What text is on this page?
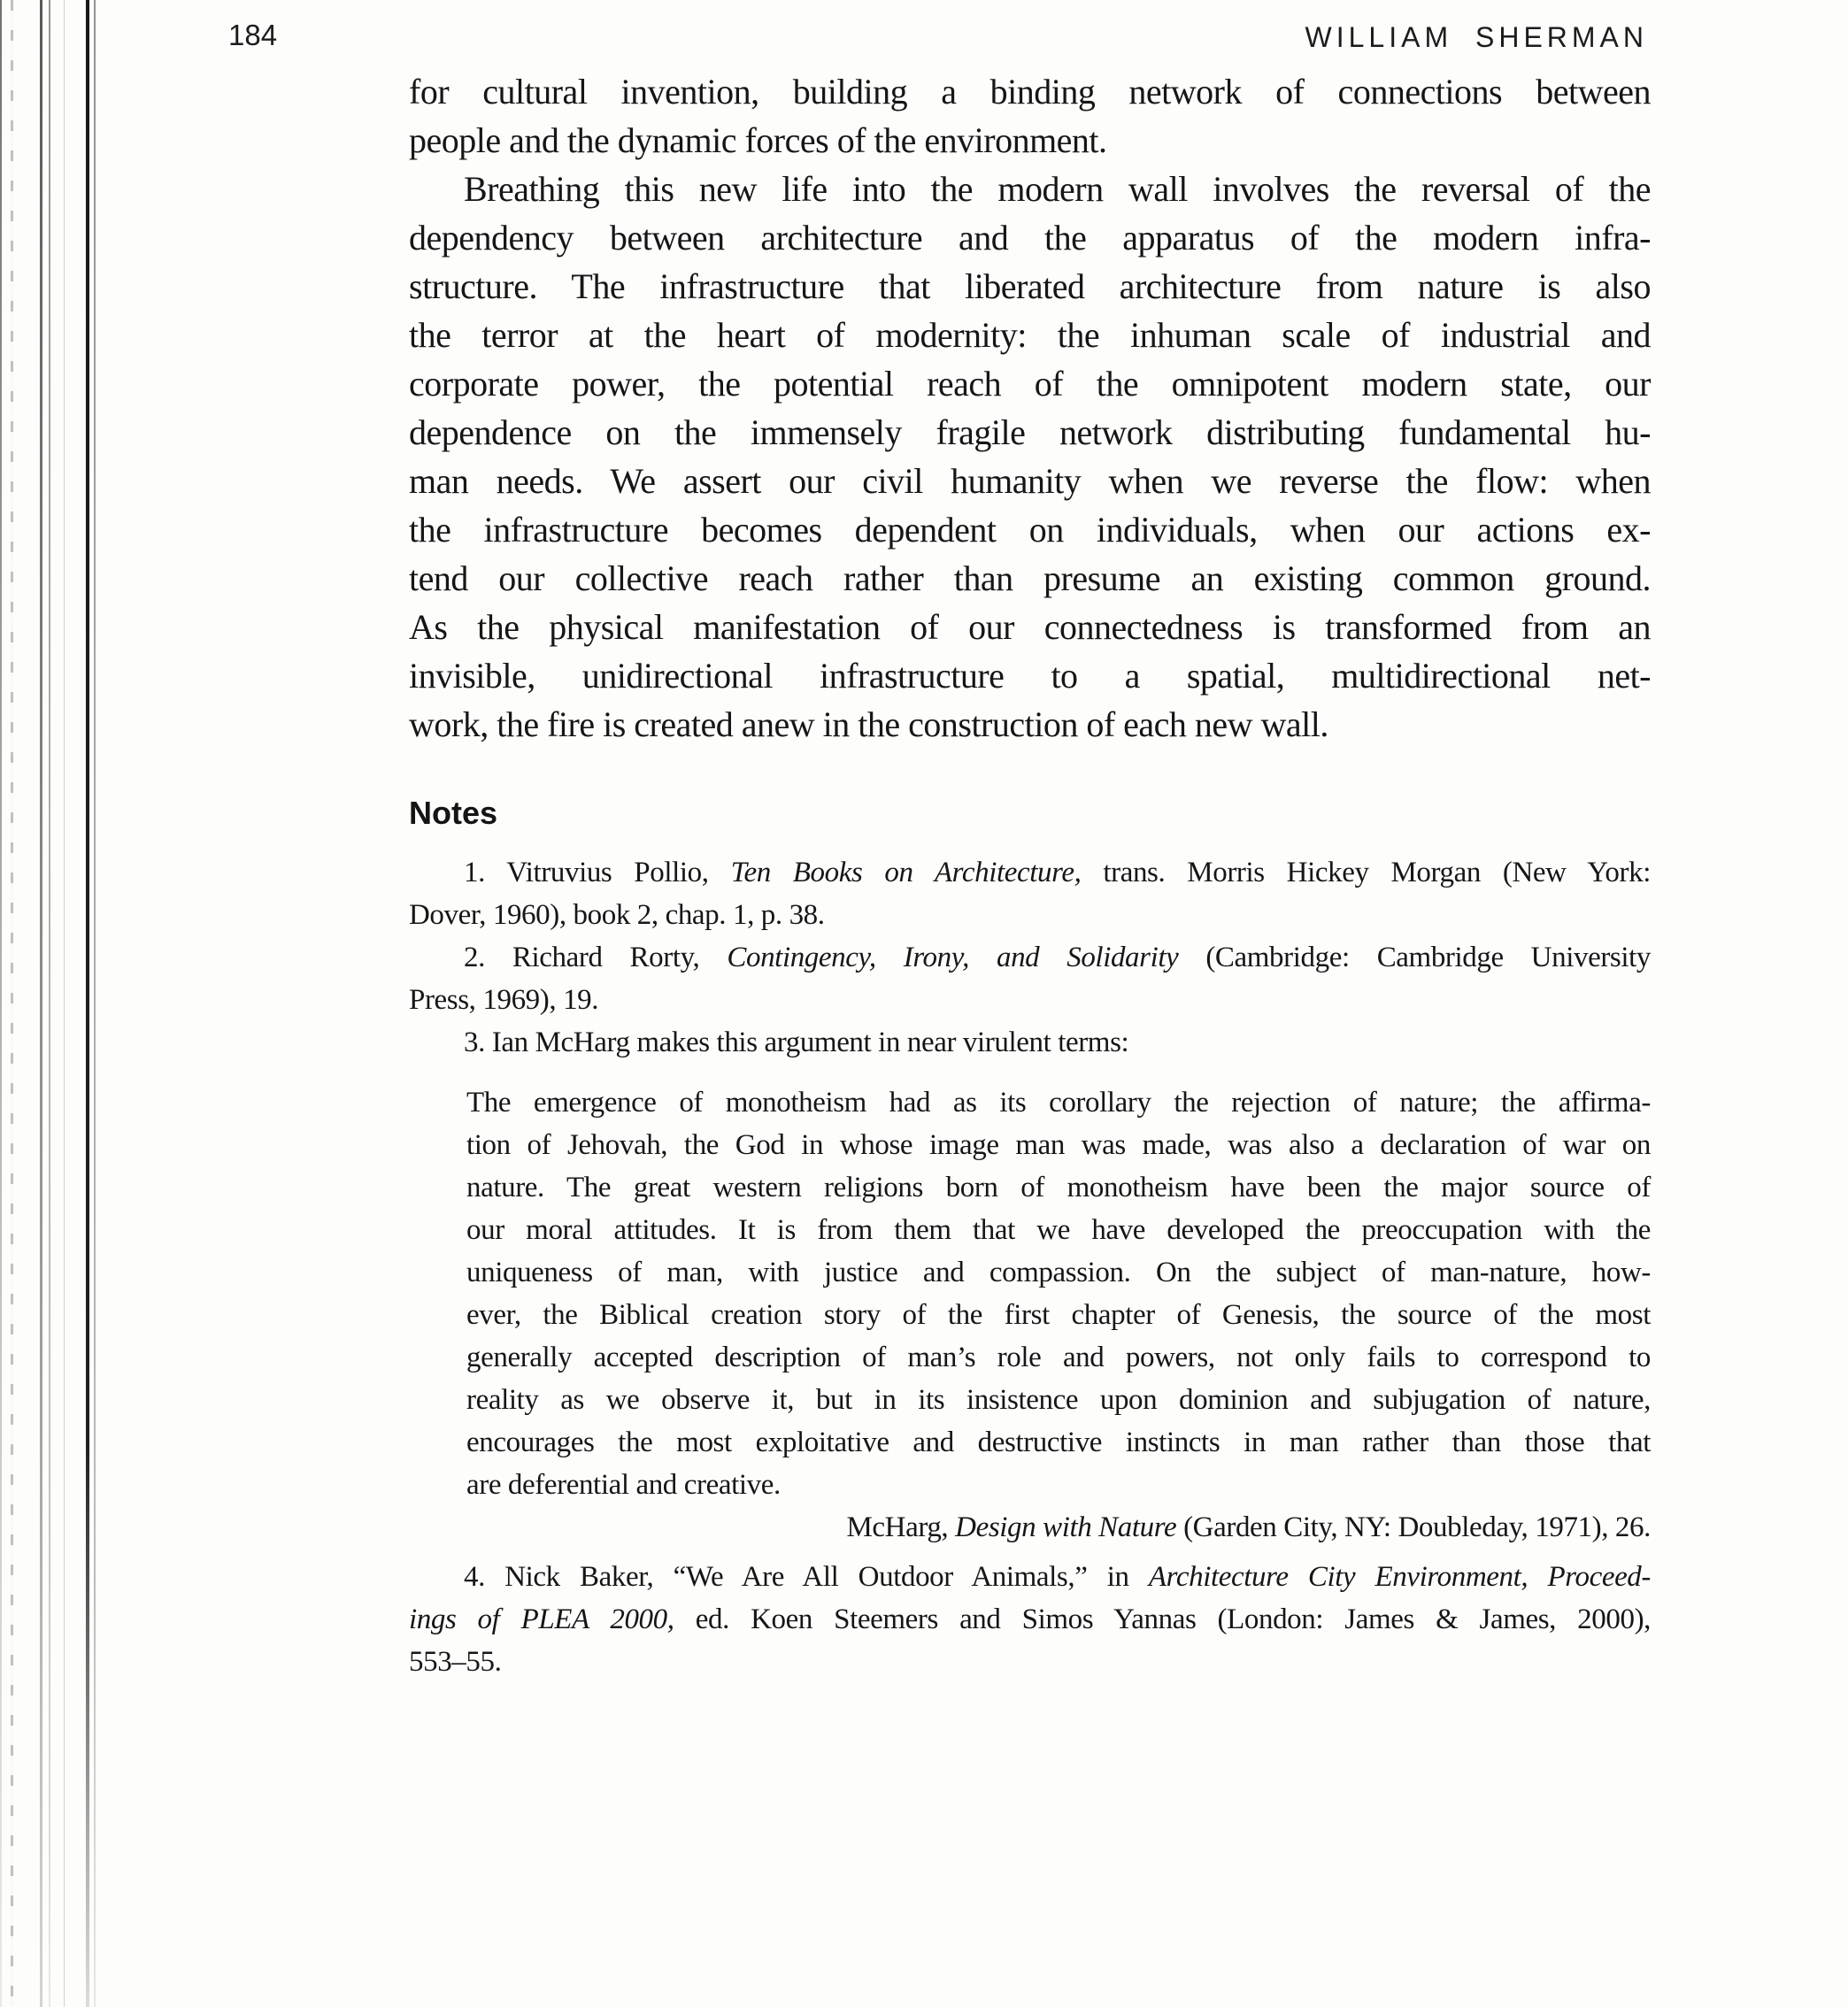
184	WILLIAM SHERMAN
for cultural invention, building a binding network of connections between
people and the dynamic forces of the environment.
Breathing this new life into the modern wall involves the reversal of the
dependency between architecture and the apparatus of the modern infra-
structure. The infrastructure that liberated architecture from nature is also
the terror at the heart of modernity: the inhuman scale of industrial and
corporate power, the potential reach of the omnipotent modern state, our
dependence on the immensely fragile network distributing fundamental hu-
man needs. We assert our civil humanity when we reverse the flow: when
the infrastructure becomes dependent on individuals, when our actions ex-
tend our collective reach rather than presume an existing common ground.
As the physical manifestation of our connectedness is transformed from an
invisible, unidirectional infrastructure to a spatial, multidirectional net-
work, the fire is created anew in the construction of each new wall.
Notes
1. Vitruvius Pollio, Ten Books on Architecture, trans. Morris Hickey Morgan (New York:
Dover, 1960), book 2, chap. 1, p. 38.
2. Richard Rorty, Contingency, Irony, and Solidarity (Cambridge: Cambridge University
Press, 1969), 19.
3. Ian McHarg makes this argument in near virulent terms:
The emergence of monotheism had as its corollary the rejection of nature; the affirma-
tion of Jehovah, the God in whose image man was made, was also a declaration of war on
nature. The great western religions born of monotheism have been the major source of
our moral attitudes. It is from them that we have developed the preoccupation with the
uniqueness of man, with justice and compassion. On the subject of man-nature, how-
ever, the Biblical creation story of the first chapter of Genesis, the source of the most
generally accepted description of man’s role and powers, not only fails to correspond to
reality as we observe it, but in its insistence upon dominion and subjugation of nature,
encourages the most exploitative and destructive instincts in man rather than those that
are deferential and creative.
McHarg, Design with Nature (Garden City, NY: Doubleday, 1971), 26.
4. Nick Baker, “We Are All Outdoor Animals,” in Architecture City Environment, Proceed-
ings of PLEA 2000, ed. Koen Steemers and Simos Yannas (London: James & James, 2000),
553–55.
